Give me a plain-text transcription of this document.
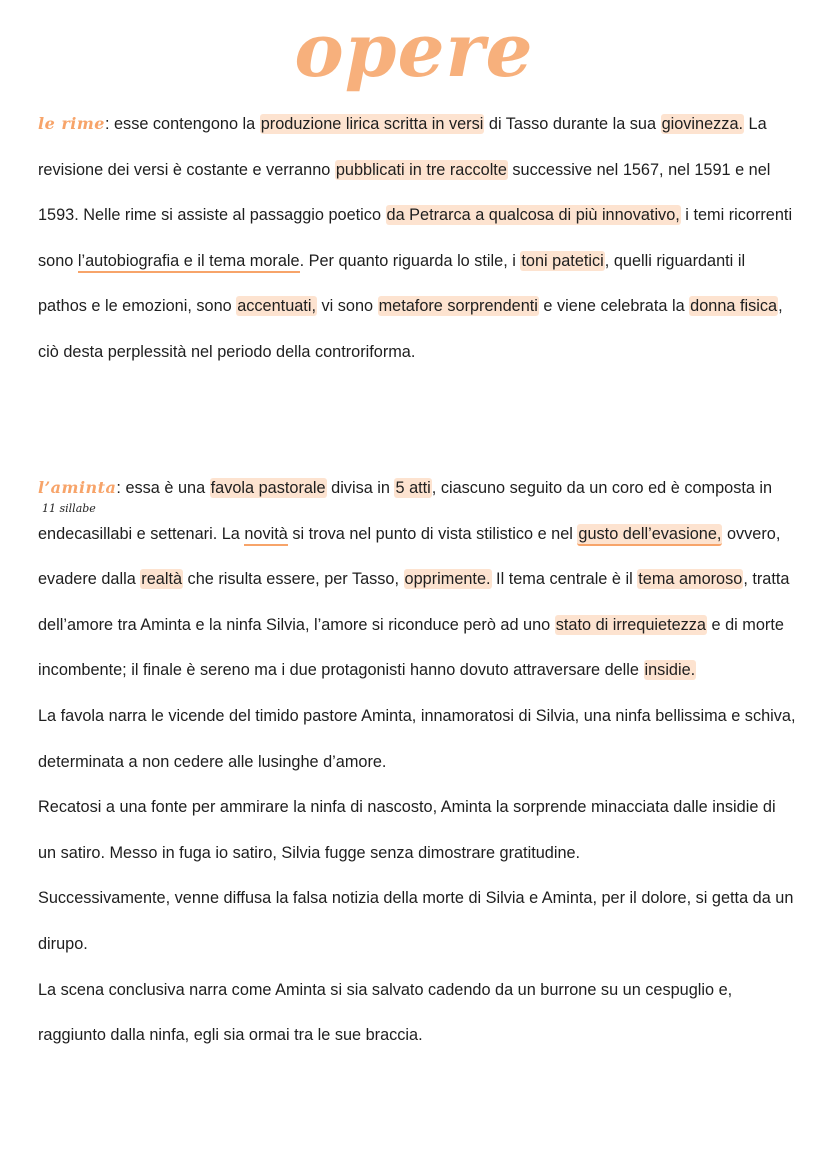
opere

le rime: esse contengono la produzione lirica scritta in versi di Tasso durante la sua giovinezza. La revisione dei versi è costante e verranno pubblicati in tre raccolte successive nel 1567, nel 1591 e nel 1593. Nelle rime si assiste al passaggio poetico da Petrarca a qualcosa di più innovativo, i temi ricorrenti sono l’autobiografia e il tema morale. Per quanto riguarda lo stile, i toni patetici, quelli riguardanti il pathos e le emozioni, sono accentuati, vi sono metafore sorprendenti e viene celebrata la donna fisica, ciò desta perplessità nel periodo della controriforma.

l’aminta: essa è una favola pastorale divisa in 5 atti, ciascuno seguito da un coro ed è composta in
11 sillabe
endecasillabi e settenari. La novità si trova nel punto di vista stilistico e nel gusto dell’evasione, ovvero, evadere dalla realtà che risulta essere, per Tasso, opprimente. Il tema centrale è il tema amoroso, tratta dell’amore tra Aminta e la ninfa Silvia, l’amore si riconduce però ad uno stato di irrequietezza e di morte incombente; il finale è sereno ma i due protagonisti hanno dovuto attraversare delle insidie.
La favola narra le vicende del timido pastore Aminta, innamoratosi di Silvia, una ninfa bellissima e schiva, determinata a non cedere alle lusinghe d’amore.
Recatosi a una fonte per ammirare la ninfa di nascosto, Aminta la sorprende minacciata dalle insidie di un satiro. Messo in fuga io satiro, Silvia fugge senza dimostrare gratitudine.
Successivamente, venne diffusa la falsa notizia della morte di Silvia e Aminta, per il dolore, si getta da un dirupo.
La scena conclusiva narra come Aminta si sia salvato cadendo da un burrone su un cespuglio e, raggiunto dalla ninfa, egli sia ormai tra le sue braccia.
